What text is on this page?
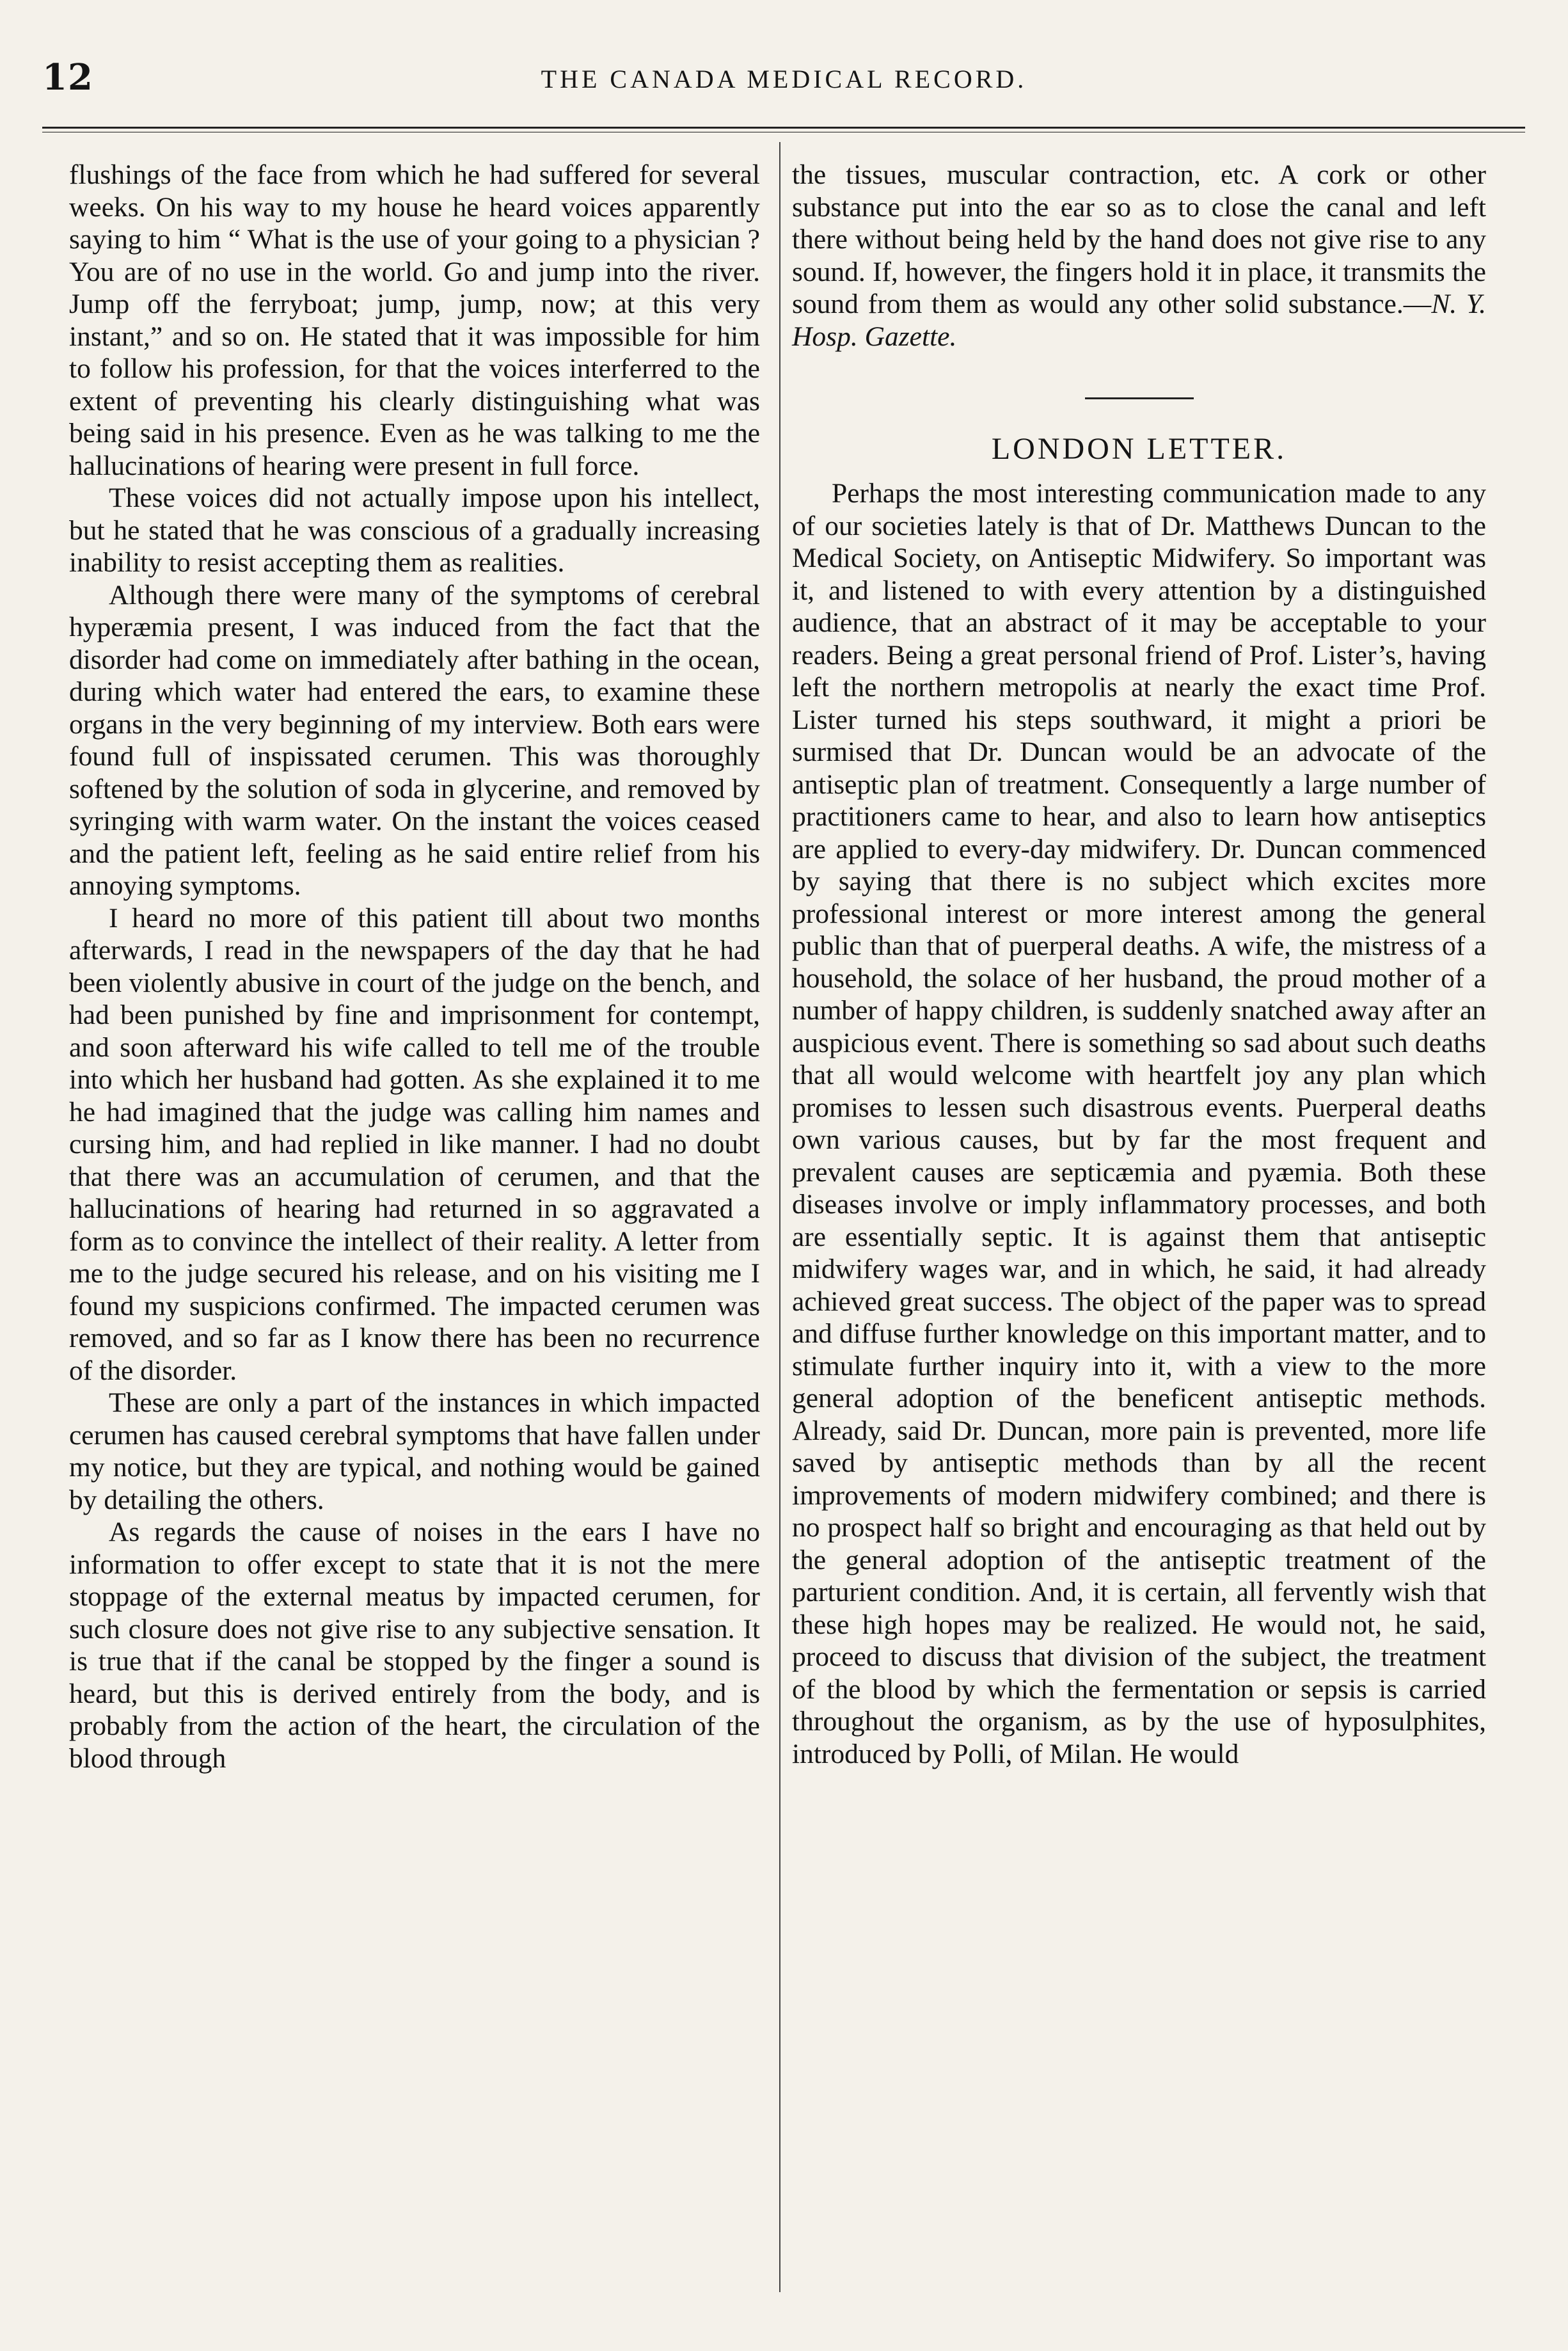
12	THE CANADA MEDICAL RECORD.

flushings of the face from which he had suffered for several weeks. On his way to my house he heard voices apparently saying to him “ What is the use of your going to a physician ? You are of no use in the world. Go and jump into the river. Jump off the ferryboat; jump, jump, now; at this very instant,” and so on. He stated that it was impossible for him to follow his profession, for that the voices interferred to the extent of preventing his clearly distinguishing what was being said in his presence. Even as he was talking to me the hallucinations of hearing were present in full force.

These voices did not actually impose upon his intellect, but he stated that he was conscious of a gradually increasing inability to resist accepting them as realities.

Although there were many of the symptoms of cerebral hyperæmia present, I was induced from the fact that the disorder had come on immediately after bathing in the ocean, during which water had entered the ears, to examine these organs in the very beginning of my interview. Both ears were found full of inspissated cerumen. This was thoroughly softened by the solution of soda in glycerine, and removed by syringing with warm water. On the instant the voices ceased and the patient left, feeling as he said entire relief from his annoying symptoms.

I heard no more of this patient till about two months afterwards, I read in the newspapers of the day that he had been violently abusive in court of the judge on the bench, and had been punished by fine and imprisonment for contempt, and soon afterward his wife called to tell me of the trouble into which her husband had gotten. As she explained it to me he had imagined that the judge was calling him names and cursing him, and had replied in like manner. I had no doubt that there was an accumulation of cerumen, and that the hallucinations of hearing had returned in so aggravated a form as to convince the intellect of their reality. A letter from me to the judge secured his release, and on his visiting me I found my suspicions confirmed. The impacted cerumen was removed, and so far as I know there has been no recurrence of the disorder.

These are only a part of the instances in which impacted cerumen has caused cerebral symptoms that have fallen under my notice, but they are typical, and nothing would be gained by detailing the others.

As regards the cause of noises in the ears I have no information to offer except to state that it is not the mere stoppage of the external meatus by impacted cerumen, for such closure does not give rise to any subjective sensation. It is true that if the canal be stopped by the finger a sound is heard, but this is derived entirely from the body, and is probably from the action of the heart, the circulation of the blood through

the tissues, muscular contraction, etc. A cork or other substance put into the ear so as to close the canal and left there without being held by the hand does not give rise to any sound. If, however, the fingers hold it in place, it transmits the sound from them as would any other solid substance.—N. Y. Hosp. Gazette.

LONDON LETTER.

Perhaps the most interesting communication made to any of our societies lately is that of Dr. Matthews Duncan to the Medical Society, on Antiseptic Midwifery. So important was it, and listened to with every attention by a distinguished audience, that an abstract of it may be acceptable to your readers. Being a great personal friend of Prof. Lister’s, having left the northern metropolis at nearly the exact time Prof. Lister turned his steps southward, it might a priori be surmised that Dr. Duncan would be an advocate of the antiseptic plan of treatment. Consequently a large number of practitioners came to hear, and also to learn how antiseptics are applied to every-day midwifery. Dr. Duncan commenced by saying that there is no subject which excites more professional interest or more interest among the general public than that of puerperal deaths. A wife, the mistress of a household, the solace of her husband, the proud mother of a number of happy children, is suddenly snatched away after an auspicious event. There is something so sad about such deaths that all would welcome with heartfelt joy any plan which promises to lessen such disastrous events. Puerperal deaths own various causes, but by far the most frequent and prevalent causes are septicæmia and pyæmia. Both these diseases involve or imply inflammatory processes, and both are essentially septic. It is against them that antiseptic midwifery wages war, and in which, he said, it had already achieved great success. The object of the paper was to spread and diffuse further knowledge on this important matter, and to stimulate further inquiry into it, with a view to the more general adoption of the beneficent antiseptic methods. Already, said Dr. Duncan, more pain is prevented, more life saved by antiseptic methods than by all the recent improvements of modern midwifery combined; and there is no prospect half so bright and encouraging as that held out by the general adoption of the antiseptic treatment of the parturient condition. And, it is certain, all fervently wish that these high hopes may be realized. He would not, he said, proceed to discuss that division of the subject, the treatment of the blood by which the fermentation or sepsis is carried throughout the organism, as by the use of hyposulphites, introduced by Polli, of Milan. He would
